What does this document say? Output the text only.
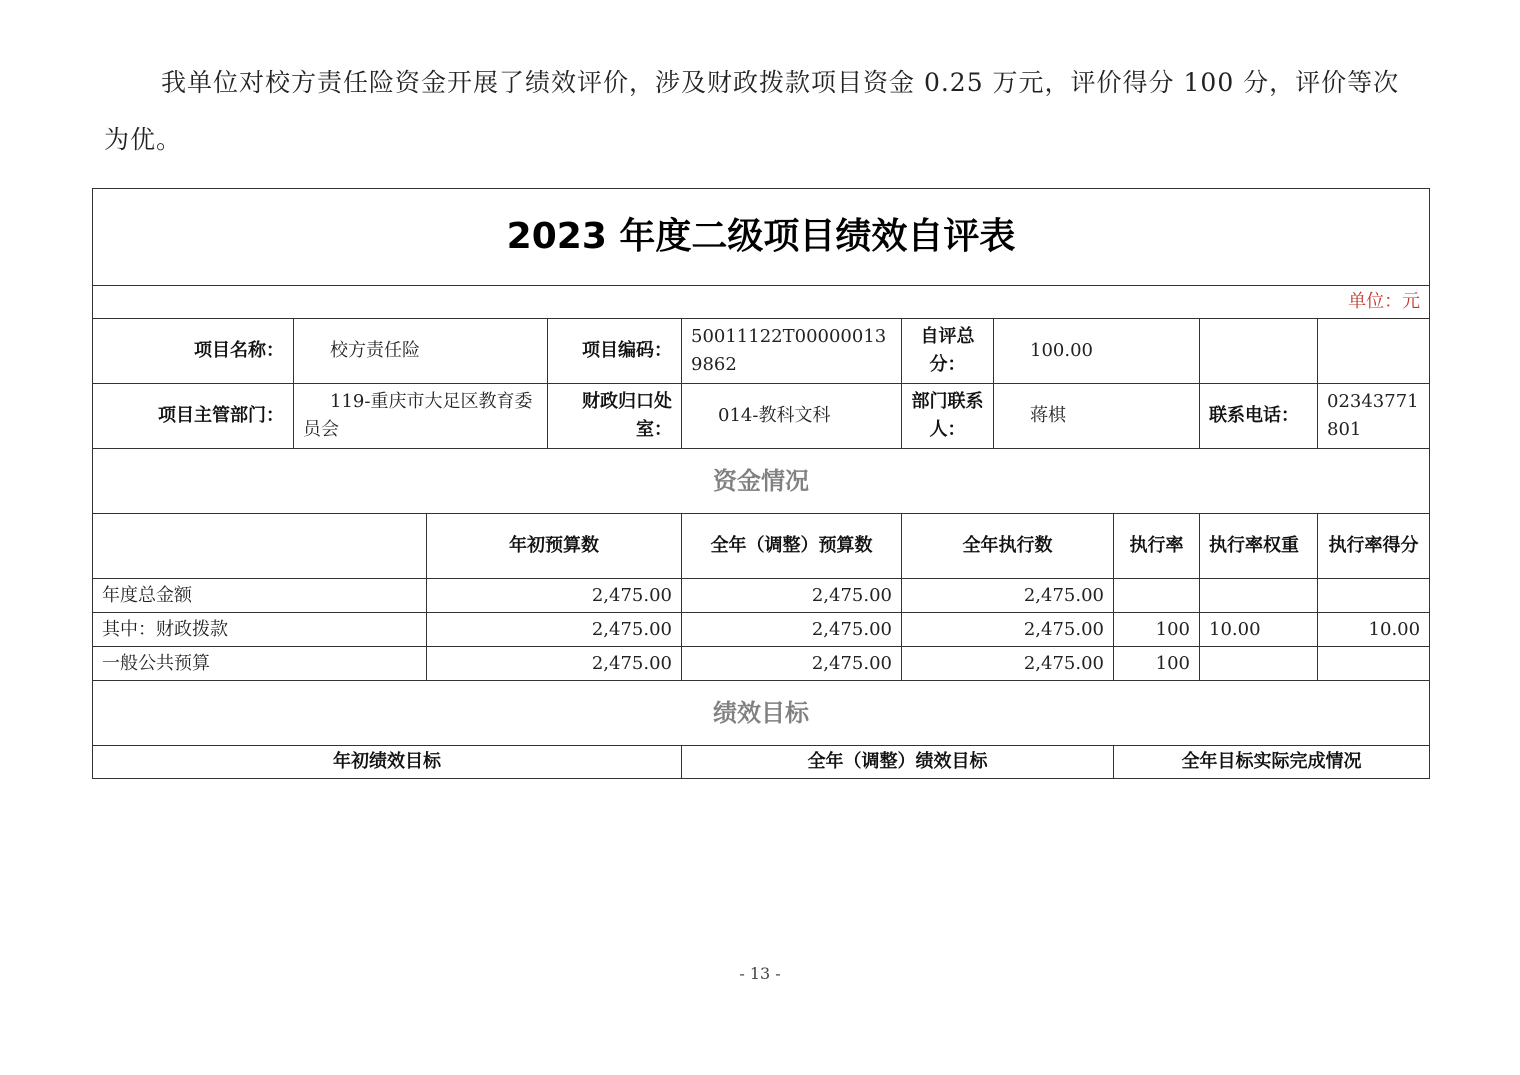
我单位对校方责任险资金开展了绩效评价，涉及财政拨款项目资金 0.25 万元，评价得分 100 分，评价等次为优。

2023 年度二级项目绩效自评表									
单位：元									
项目名称：	校方责任险		项目编码：	50011122T000000139862	自评总分：	100.00			
项目主管部门：	119-重庆市大足区教育委员会		财政归口处室：	014-教科文科	部门联系人：	蒋棋		联系电话：	02343771801
资金情况									
		年初预算数		全年（调整）预算数	全年执行数		执行率	执行率权重	执行率得分
年度总金额		2,475.00		2,475.00	2,475.00				
其中：财政拨款		2,475.00		2,475.00	2,475.00		100	10.00	10.00
一般公共预算		2,475.00		2,475.00	2,475.00		100		
绩效目标									
年初绩效目标				全年（调整）绩效目标			全年目标实际完成情况		
- 13 -
